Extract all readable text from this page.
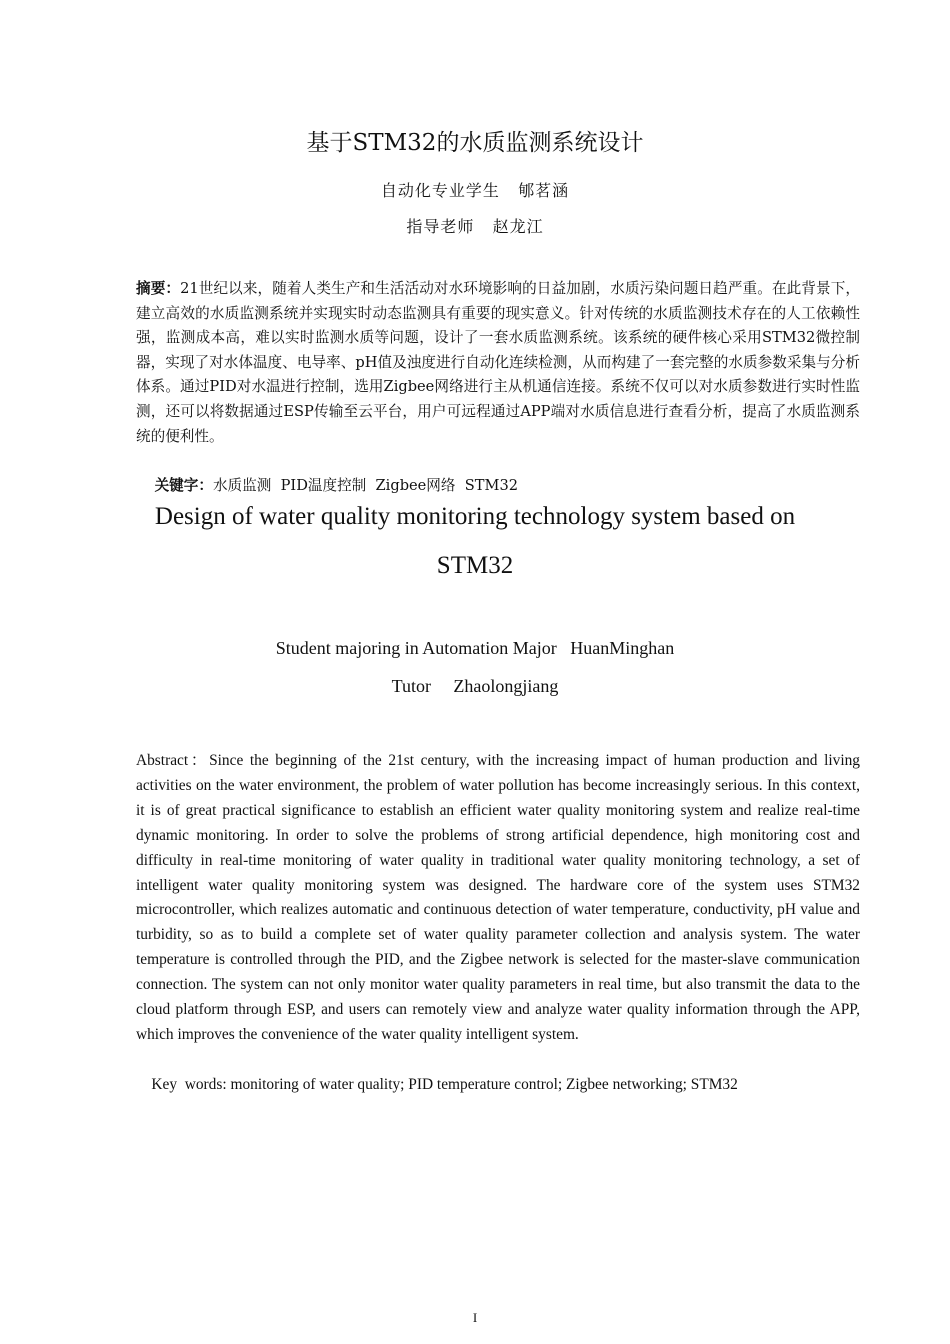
基于STM32的水质监测系统设计
自动化专业学生   郇茗涵
指导老师   赵龙江
摘要：21世纪以来，随着人类生产和生活活动对水环境影响的日益加剧，水质污染问题日趋严重。在此背景下，建立高效的水质监测系统并实现实时动态监测具有重要的现实意义。针对传统的水质监测技术存在的人工依赖性强，监测成本高，难以实时监测水质等问题，设计了一套水质监测系统。该系统的硬件核心采用STM32微控制器，实现了对水体温度、电导率、pH值及浊度进行自动化连续检测，从而构建了一套完整的水质参数采集与分析体系。通过PID对水温进行控制，选用Zigbee网络进行主从机通信连接。系统不仅可以对水质参数进行实时性监测，还可以将数据通过ESP传输至云平台，用户可远程通过APP端对水质信息进行查看分析，提高了水质监测系统的便利性。

关键字：水质监测  PID温度控制  Zigbee网络  STM32

Design of water quality monitoring technology system based on STM32
Student majoring in Automation Major   HuanMinghan
Tutor     Zhaolongjiang
Abstract：Since the beginning of the 21st century, with the increasing impact of human production and living activities on the water environment, the problem of water pollution has become increasingly serious. In this context, it is of great practical significance to establish an efficient water quality monitoring system and realize real-time dynamic monitoring. In order to solve the problems of strong artificial dependence, high monitoring cost and difficulty in real-time monitoring of water quality in traditional water quality monitoring technology, a set of intelligent water quality monitoring system was designed. The hardware core of the system uses STM32 microcontroller, which realizes automatic and continuous detection of water temperature, conductivity, pH value and turbidity, so as to build a complete set of water quality parameter collection and analysis system. The water temperature is controlled through the PID, and the Zigbee network is selected for the master-slave communication connection. The system can not only monitor water quality parameters in real time, but also transmit the data to the cloud platform through ESP, and users can remotely view and analyze water quality information through the APP, which improves the convenience of the water quality intelligent system.

Key  words: monitoring of water quality; PID temperature control; Zigbee networking; STM32

I
